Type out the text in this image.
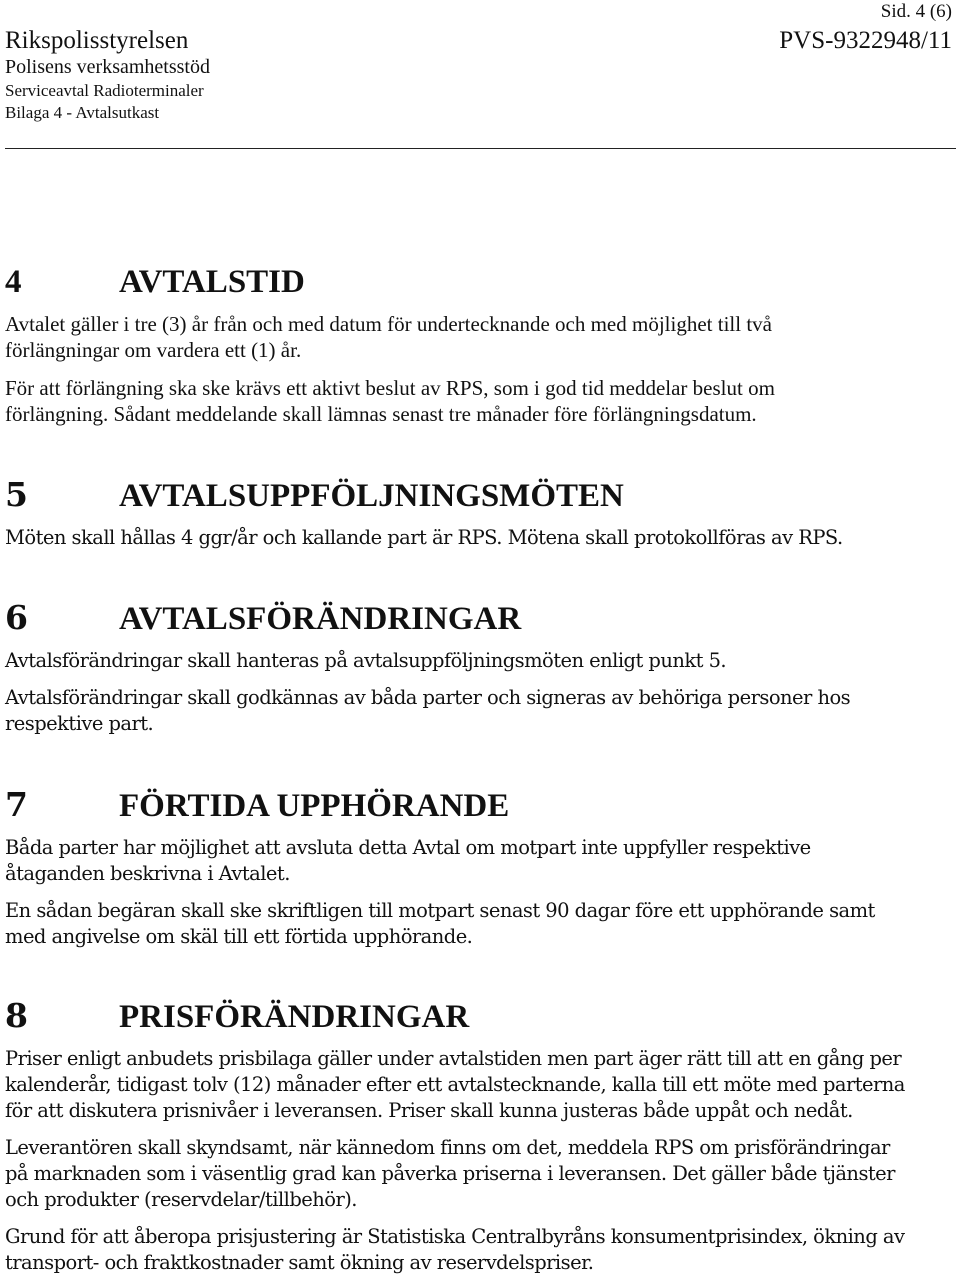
Sid. 4 (6)
Rikspolisstyrelsen
Polisens verksamhetsstöd
Serviceavtal Radioterminaler
Bilaga 4 - Avtalsutkast
PVS-9322948/11
4	AVTALSTID

Avtalet gäller i tre (3) år från och med datum för undertecknande och med möjlighet till två
förlängningar om vardera ett (1) år.

För att förlängning ska ske krävs ett aktivt beslut av RPS, som i god tid meddelar beslut om
förlängning. Sådant meddelande skall lämnas senast tre månader före förlängningsdatum.

5	AVTALSUPPFÖLJNINGSMÖTEN

Möten skall hållas 4 ggr/år och kallande part är RPS. Mötena skall protokollföras av RPS.

6	AVTALSFÖRÄNDRINGAR

Avtalsförändringar skall hanteras på avtalsuppföljningsmöten enligt punkt 5.

Avtalsförändringar skall godkännas av båda parter och signeras av behöriga personer hos
respektive part.

7	FÖRTIDA UPPHÖRANDE

Båda parter har möjlighet att avsluta detta Avtal om motpart inte uppfyller respektive
åtaganden beskrivna i Avtalet.

En sådan begäran skall ske skriftligen till motpart senast 90 dagar före ett upphörande samt
med angivelse om skäl till ett förtida upphörande.

8	PRISFÖRÄNDRINGAR

Priser enligt anbudets prisbilaga gäller under avtalstiden men part äger rätt till att en gång per
kalenderår, tidigast tolv (12) månader efter ett avtalstecknande, kalla till ett möte med parterna
för att diskutera prisnivåer i leveransen. Priser skall kunna justeras både uppåt och nedåt.

Leverantören skall skyndsamt, när kännedom finns om det, meddela RPS om prisförändringar
på marknaden som i väsentlig grad kan påverka priserna i leveransen. Det gäller både tjänster
och produkter (reservdelar/tillbehör).

Grund för att åberopa prisjustering är Statistiska Centralbyråns konsumentprisindex, ökning av
transport- och fraktkostnader samt ökning av reservdelspriser.
